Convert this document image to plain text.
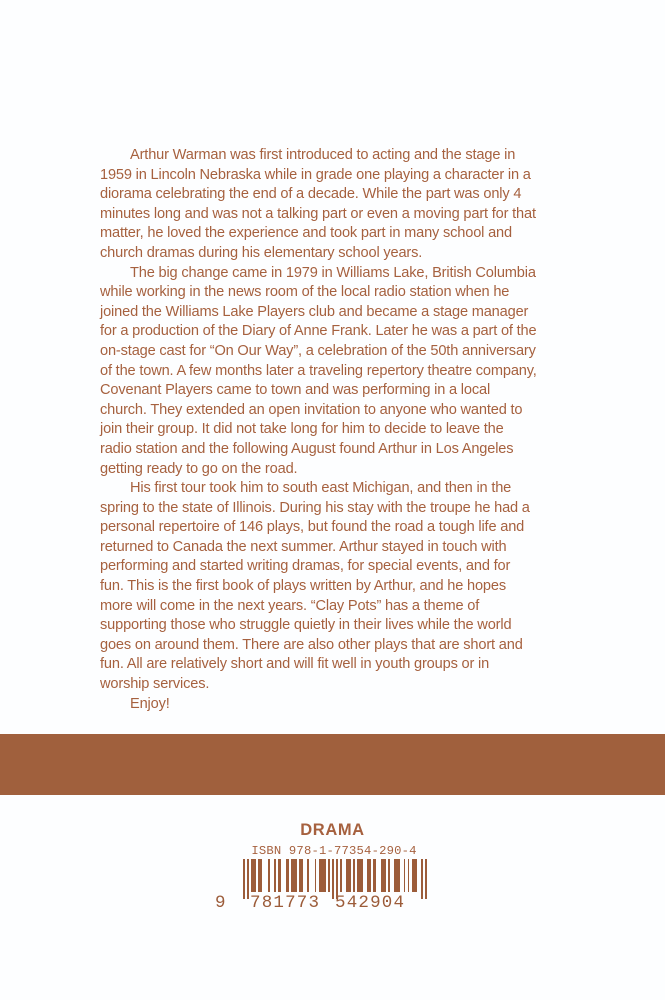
Arthur Warman was first introduced to acting and the stage in 1959 in Lincoln Nebraska while in grade one playing a character in a diorama celebrating the end of a decade. While the part was only 4 minutes long and was not a talking part or even a moving part for that matter, he loved the experience and took part in many school and church dramas during his elementary school years.

The big change came in 1979 in Williams Lake, British Columbia while working in the news room of the local radio station when he joined the Williams Lake Players club and became a stage manager for a production of the Diary of Anne Frank. Later he was a part of the on-stage cast for “On Our Way”, a celebration of the 50th anniversary of the town. A few months later a traveling repertory theatre company, Covenant Players came to town and was performing in a local church. They extended an open invitation to anyone who wanted to join their group. It did not take long for him to decide to leave the radio station and the following August found Arthur in Los Angeles getting ready to go on the road.

His first tour took him to south east Michigan, and then in the spring to the state of Illinois. During his stay with the troupe he had a personal repertoire of 146 plays, but found the road a tough life and returned to Canada the next summer. Arthur stayed in touch with performing and started writing dramas, for special events, and for fun. This is the first book of plays written by Arthur, and he hopes more will come in the next years. “Clay Pots” has a theme of supporting those who struggle quietly in their lives while the world goes on around them. There are also other plays that are short and fun. All are relatively short and will fit well in youth groups or in worship services.

Enjoy!

DRAMA
ISBN 978-1-77354-290-4
9 781773 542904
